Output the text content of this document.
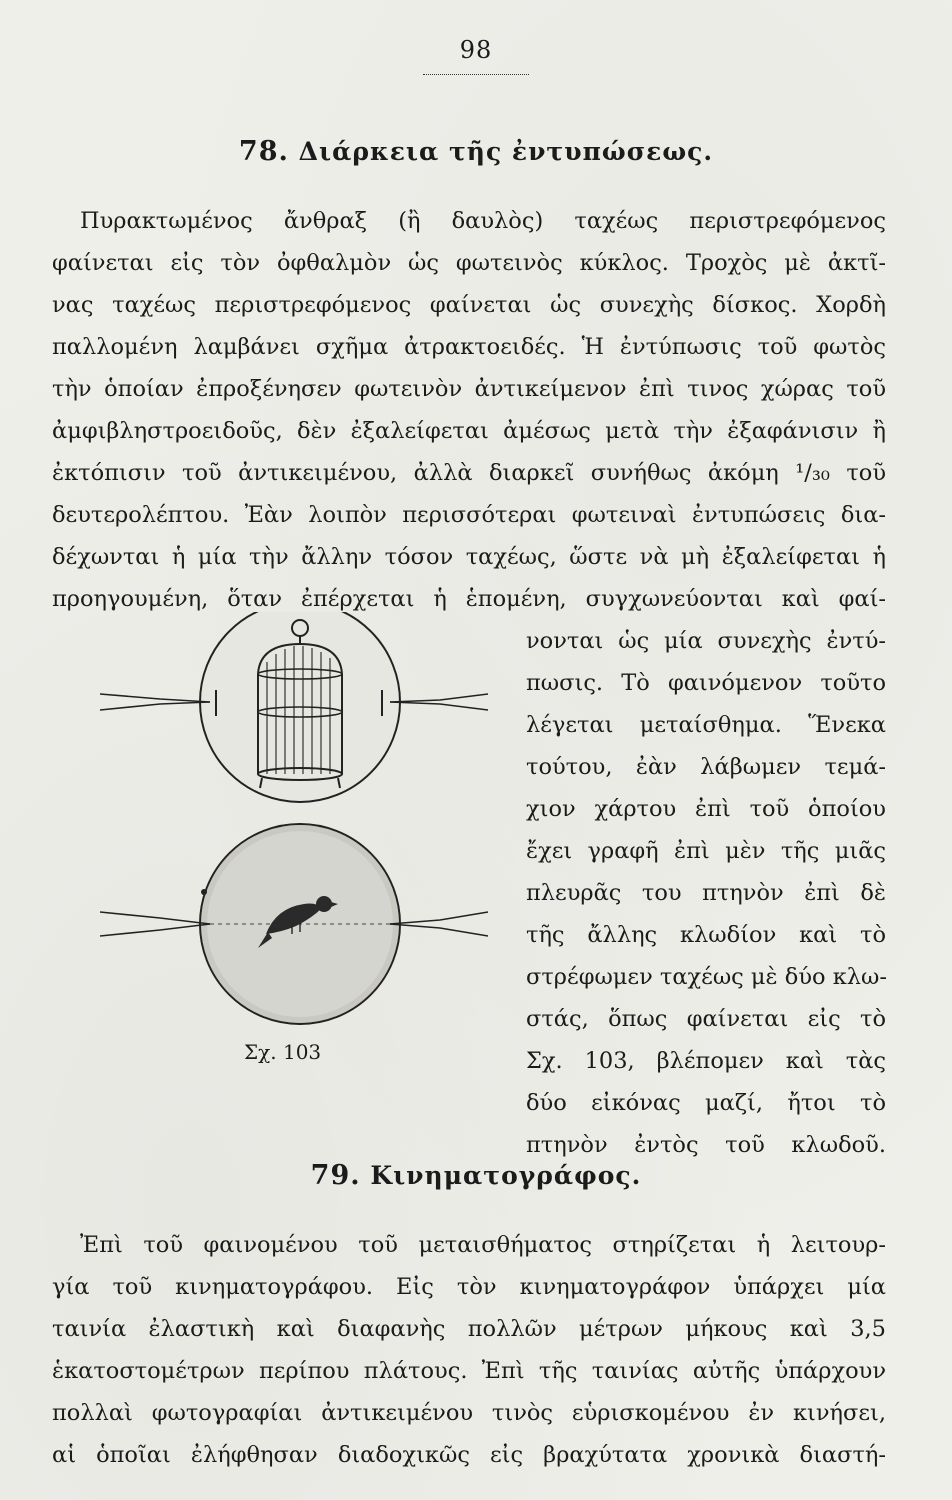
98
78. Διάρκεια τῆς ἐντυπώσεως.
Πυρακτωμένος ἄνθραξ (ἢ δαυλὸς) ταχέως περιστρεφόμενος
φαίνεται εἰς τὸν ὀφθαλμὸν ὡς φωτεινὸς κύκλος. Τροχὸς μὲ ἀκτῖ-
νας ταχέως περιστρεφόμενος φαίνεται ὡς συνεχὴς δίσκος. Χορδὴ
παλλομένη λαμβάνει σχῆμα ἀτρακτοειδές. Ἡ ἐντύπωσις τοῦ φωτὸς
τὴν ὁποίαν ἐπροξένησεν φωτεινὸν ἀντικείμενον ἐπὶ τινος χώρας τοῦ
ἀμφιβληστροειδοῦς, δὲν ἐξαλείφεται ἀμέσως μετὰ τὴν ἐξαφάνισιν ἢ
ἐκτόπισιν τοῦ ἀντικειμένου, ἀλλὰ διαρκεῖ συνήθως ἀκόμη ¹/₃₀ τοῦ
δευτερολέπτου. Ἐὰν λοιπὸν περισσότεραι φωτειναὶ ἐντυπώσεις δια-
δέχωνται ἡ μία τὴν ἄλλην τόσον ταχέως, ὥστε νὰ μὴ ἐξαλείφεται ἡ
προηγουμένη, ὅταν ἐπέρχεται ἡ ἑπομένη, συγχωνεύονται καὶ φαί-
νονται ὡς μία συνεχὴς ἐντύ-
πωσις. Τὸ φαινόμενον τοῦτο
λέγεται μεταίσθημα. Ἕνεκα
τούτου, ἐὰν λάβωμεν τεμά-
χιον χάρτου ἐπὶ τοῦ ὁποίου
ἔχει γραφῆ ἐπὶ μὲν τῆς μιᾶς
πλευρᾶς του πτηνὸν ἐπὶ δὲ
τῆς ἄλλης κλωδίον καὶ τὸ
στρέφωμεν ταχέως μὲ δύο κλω-
στάς, ὅπως φαίνεται εἰς τὸ
Σχ. 103, βλέπομεν καὶ τὰς
δύο εἰκόνας μαζί, ἤτοι τὸ
πτηνὸν ἐντὸς τοῦ κλωδοῦ.
Σχ. 103
79. Κινηματογράφος.
Ἐπὶ τοῦ φαινομένου τοῦ μεταισθήματος στηρίζεται ἡ λειτουρ-
γία τοῦ κινηματογράφου. Εἰς τὸν κινηματογράφον ὑπάρχει μία
ταινία ἐλαστικὴ καὶ διαφανὴς πολλῶν μέτρων μήκους καὶ 3,5
ἑκατοστομέτρων περίπου πλάτους. Ἐπὶ τῆς ταινίας αὐτῆς ὑπάρχουν
πολλαὶ φωτογραφίαι ἀντικειμένου τινὸς εὑρισκομένου ἐν κινήσει,
αἱ ὁποῖαι ἐλήφθησαν διαδοχικῶς εἰς βραχύτατα χρονικὰ διαστή-
